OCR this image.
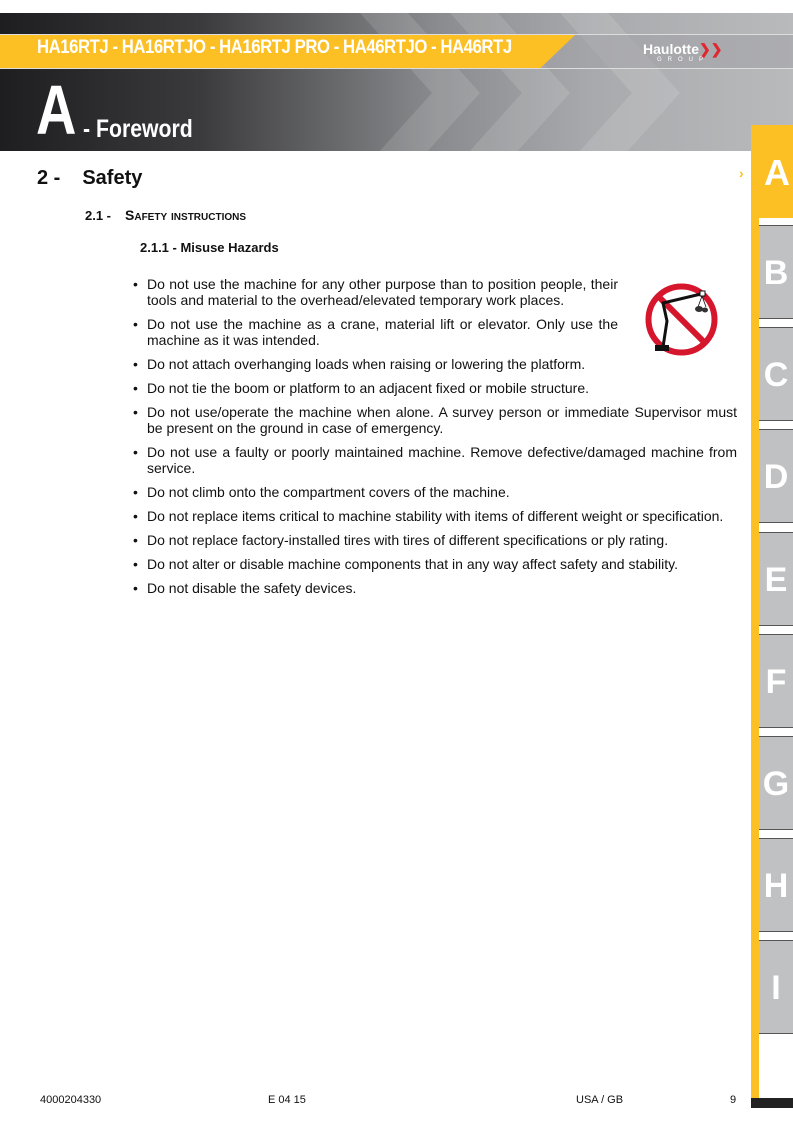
HA16RTJ - HA16RTJO - HA16RTJ PRO - HA46RTJO - HA46RTJ	Haulotte❯❯
GROUP
A - Foreword
2 - Safety
2.1 - Safety instructions
2.1.1 - Misuse Hazards
• Do not use the machine for any other purpose than to position people, their tools and material to the overhead/elevated temporary work places.
• Do not use the machine as a crane, material lift or elevator. Only use the machine as it was intended.
• Do not attach overhanging loads when raising or lowering the platform.
• Do not tie the boom or platform to an adjacent fixed or mobile structure.
• Do not use/operate the machine when alone. A survey person or immediate Supervisor must be present on the ground in case of emergency.
• Do not use a faulty or poorly maintained machine. Remove defective/damaged machine from service.
• Do not climb onto the compartment covers of the machine.
• Do not replace items critical to machine stability with items of different weight or specification.
• Do not replace factory-installed tires with tires of different specifications or ply rating.
• Do not alter or disable machine components that in any way affect safety and stability.
• Do not disable the safety devices.
› A
B
C
D
E
F
G
H
I
4000204330	E 04 15	USA / GB	9
